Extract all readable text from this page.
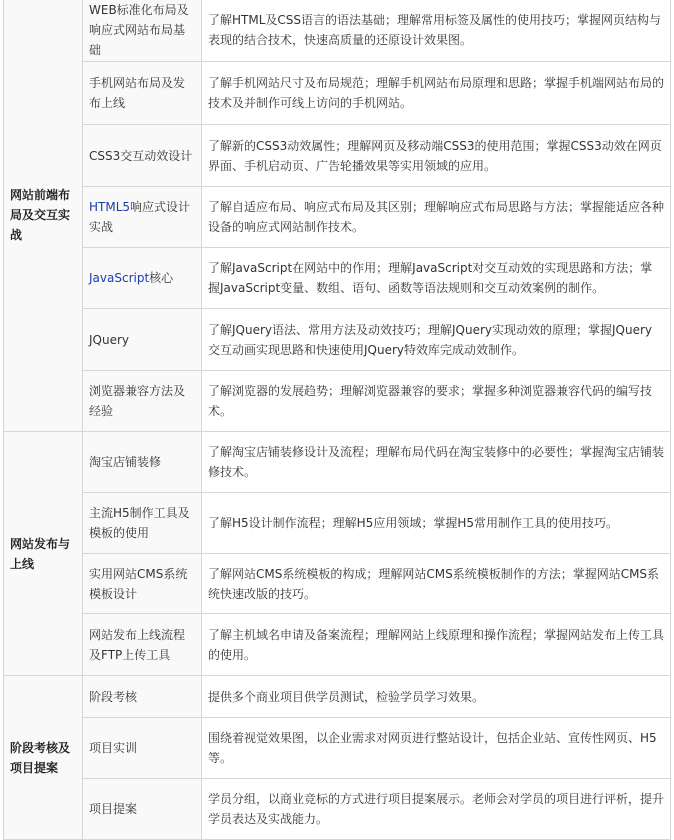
网站前端布局及交互实战	WEB标准化布局及响应式网站布局基础	了解HTML及CSS语言的语法基础；理解常用标签及属性的使用技巧；掌握网页结构与表现的结合技术，快速高质量的还原设计效果图。
	手机网站布局及发布上线	了解手机网站尺寸及布局规范；理解手机网站布局原理和思路；掌握手机端网站布局的技术及并制作可线上访问的手机网站。
	CSS3交互动效设计	了解新的CSS3动效属性；理解网页及移动端CSS3的使用范围；掌握CSS3动效在网页界面、手机启动页、广告轮播效果等实用领域的应用。
	HTML5响应式设计实战	了解自适应布局、响应式布局及其区别；理解响应式布局思路与方法；掌握能适应各种设备的响应式网站制作技术。
	JavaScript核心	了解JavaScript在网站中的作用；理解JavaScript对交互动效的实现思路和方法；掌握JavaScript变量、数组、语句、函数等语法规则和交互动效案例的制作。
	JQuery	了解JQuery语法、常用方法及动效技巧；理解JQuery实现动效的原理；掌握JQuery交互动画实现思路和快速使用JQuery特效库完成动效制作。
	浏览器兼容方法及经验	了解浏览器的发展趋势；理解浏览器兼容的要求；掌握多种浏览器兼容代码的编写技术。
网站发布与上线	淘宝店铺装修	了解淘宝店铺装修设计及流程；理解布局代码在淘宝装修中的必要性；掌握淘宝店铺装修技术。
	主流H5制作工具及模板的使用	了解H5设计制作流程；理解H5应用领域；掌握H5常用制作工具的使用技巧。
	实用网站CMS系统模板设计	了解网站CMS系统模板的构成；理解网站CMS系统模板制作的方法；掌握网站CMS系统快速改版的技巧。
	网站发布上线流程及FTP上传工具	了解主机域名申请及备案流程；理解网站上线原理和操作流程；掌握网站发布上传工具的使用。
阶段考核及项目提案	阶段考核	提供多个商业项目供学员测试，检验学员学习效果。
	项目实训	围绕着视觉效果图，以企业需求对网页进行整站设计，包括企业站、宣传性网页、H5等。
	项目提案	学员分组，以商业竞标的方式进行项目提案展示。老师会对学员的项目进行评析，提升学员表达及实战能力。
